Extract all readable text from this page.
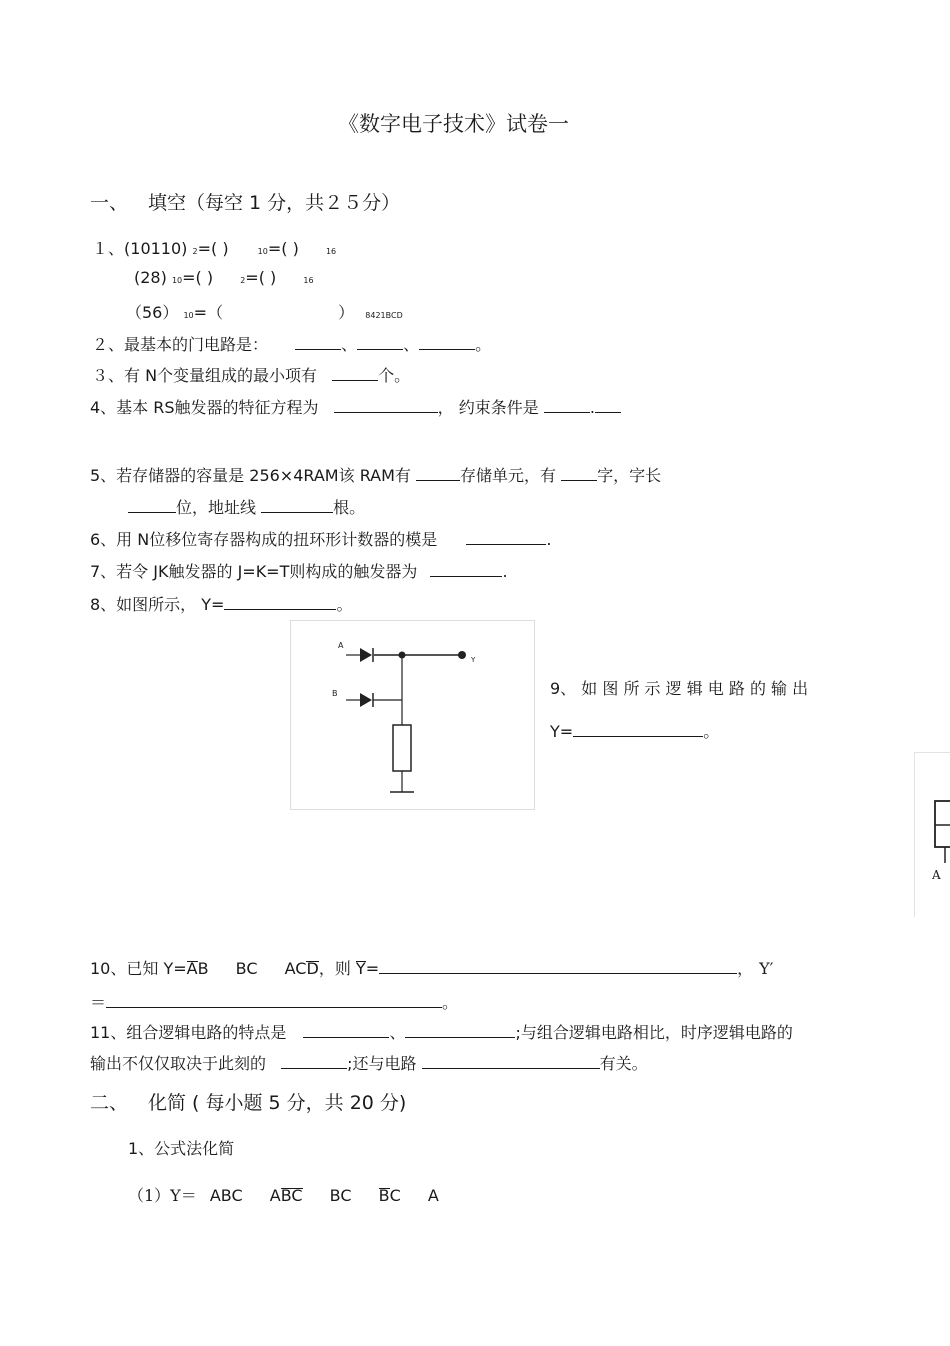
《数字电子技术》试卷一
一、 填空（每空 1 分，共２５分）
１、(10110) 2=( )	10=( )	16
(28) 10=( )	2=( )	16
（56） 10=（	） 8421BCD
２、最基本的门电路是：	、	、	。
３、有 N个变量组成的最小项有	个。
4、基本 RS触发器的特征方程为	， 约束条件是	.
5、若存储器的容量是 256×4RAM该 RAM有	存储单元，有	字，字长
位，地址线	根。
6、用 N位移位寄存器构成的扭环形计数器的模是	.
7、若令 JK触发器的 J=K=T则构成的触发器为	.
8、如图所示， Y=	。
A
B
Y
9、 如 图 所 示 逻 辑 电 路 的 输 出
Y=	。
A
10、已知 Y=AB BC ACD，则 Y=	， Y′
＝	。
11、组合逻辑电路的特点是	、	;与组合逻辑电路相比，时序逻辑电路的
输出不仅仅取决于此刻的	;还与电路	有关。
二、 化简 ( 每小题 5 分，共 20 分)
1、公式法化简
（1）Y＝ ABC ABC BC BC A
